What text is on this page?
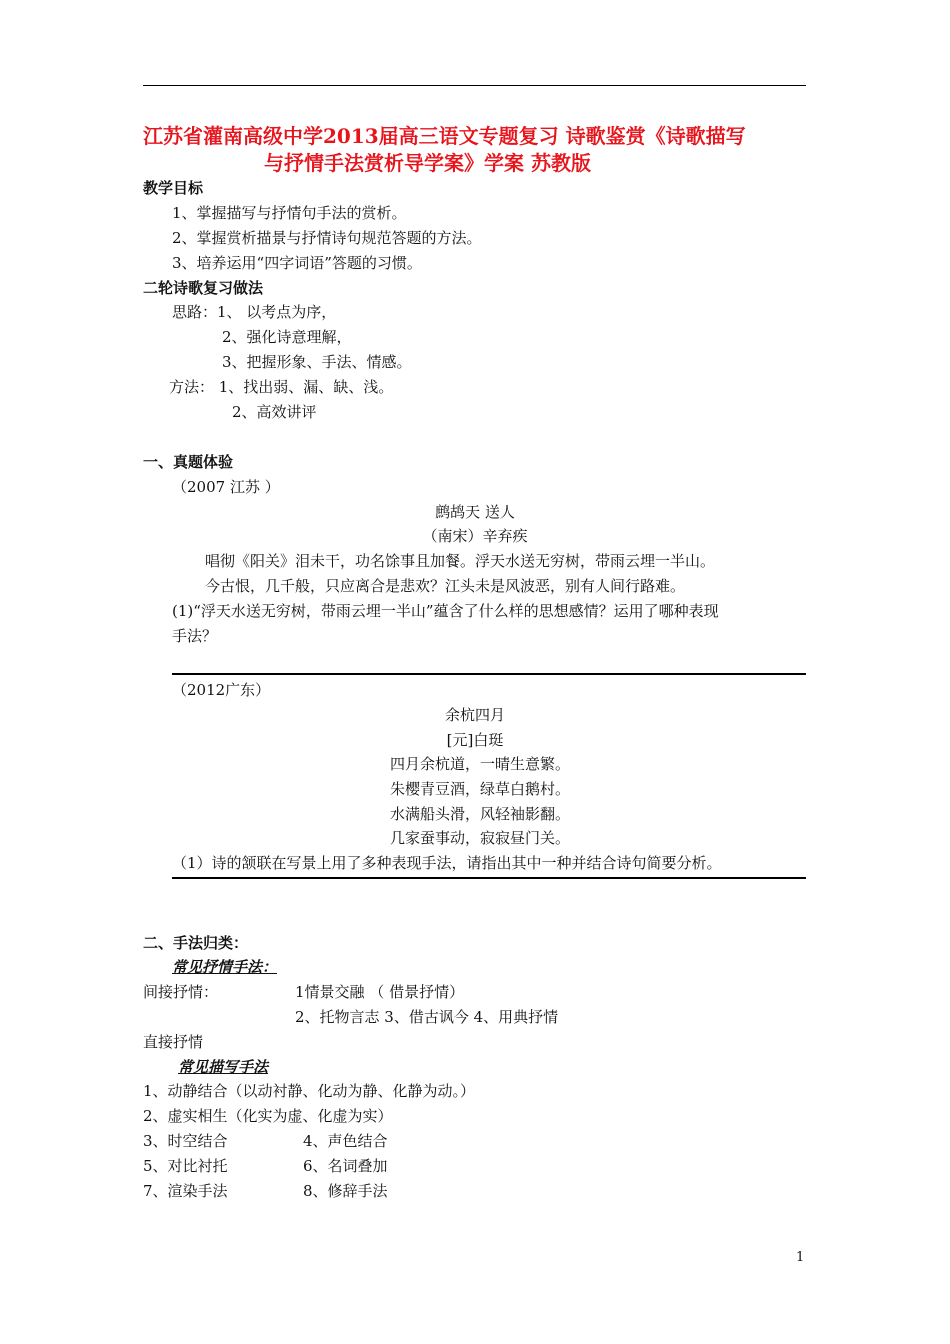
江苏省灌南高级中学2013届高三语文专题复习 诗歌鉴赏《诗歌描写
与抒情手法赏析导学案》学案 苏教版
教学目标
1、掌握描写与抒情句手法的赏析。
2、掌握赏析描景与抒情诗句规范答题的方法。
3、培养运用“四字词语”答题的习惯。
二轮诗歌复习做法
思路：1、 以考点为序，
2、强化诗意理解，
3、把握形象、手法、情感。
方法： 1、找出弱、漏、缺、浅。
2、高效讲评
一、真题体验
（2007 江苏 ）
鹧鸪天 送人
（南宋）辛弃疾
唱彻《阳关》泪未干，功名馀事且加餐。浮天水送无穷树，带雨云埋一半山。
今古恨，几千般，只应离合是悲欢？江头未是风波恶，别有人间行路难。
(1)“浮天水送无穷树，带雨云埋一半山”蕴含了什么样的思想感情？运用了哪种表现
手法？
（2012广东）
余杭四月
[元]白珽
四月余杭道，一晴生意繁。
朱樱青豆酒，绿草白鹅村。
水满船头滑，风轻袖影翻。
几家蚕事动，寂寂昼门关。
（1）诗的颔联在写景上用了多种表现手法，请指出其中一种并结合诗句简要分析。
二、手法归类：
常见抒情手法：
间接抒情：	1情景交融 （ 借景抒情）
2、托物言志 3、借古讽今 4、用典抒情
直接抒情
常见描写手法
1、动静结合（以动衬静、化动为静、化静为动。）
2、虚实相生（化实为虚、化虚为实）
3、时空结合	4、声色结合
5、对比衬托	6、名词叠加
7、渲染手法	8、修辞手法
1
